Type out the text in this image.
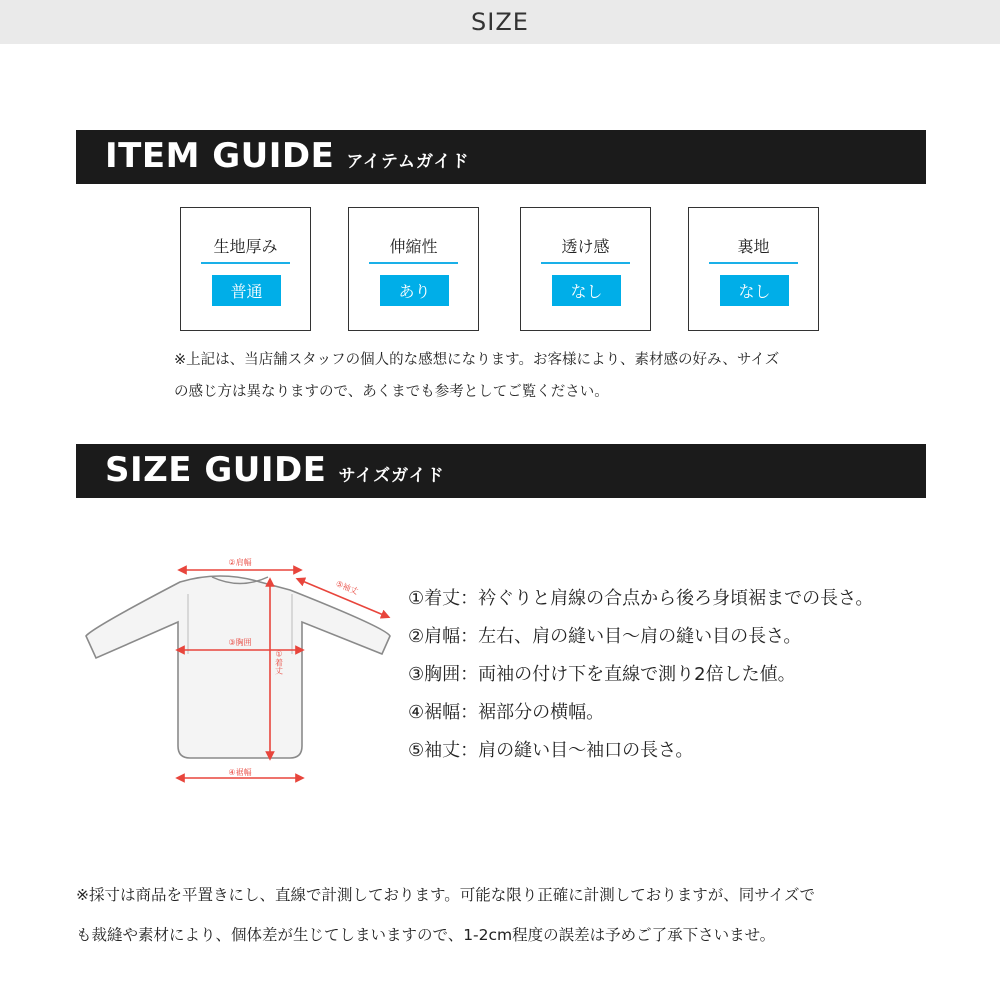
SIZE
ITEM GUIDE アイテムガイド
生地厚み
普通
伸縮性
あり
透け感
なし
裏地
なし
※上記は、当店舗スタッフの個人的な感想になります。お客様により、素材感の好み、サイズ
の感じ方は異なりますので、あくまでも参考としてご覧ください。
SIZE GUIDE サイズガイド
②肩幅
⑤袖丈
③胸囲
①着丈
④裾幅
①着丈：衿ぐりと肩線の合点から後ろ身頃裾までの長さ。
②肩幅：左右、肩の縫い目〜肩の縫い目の長さ。
③胸囲：両袖の付け下を直線で測り2倍した値。
④裾幅：裾部分の横幅。
⑤袖丈：肩の縫い目〜袖口の長さ。
※採寸は商品を平置きにし、直線で計測しております。可能な限り正確に計測しておりますが、同サイズで
も裁縫や素材により、個体差が生じてしまいますので、1-2cm程度の誤差は予めご了承下さいませ。
